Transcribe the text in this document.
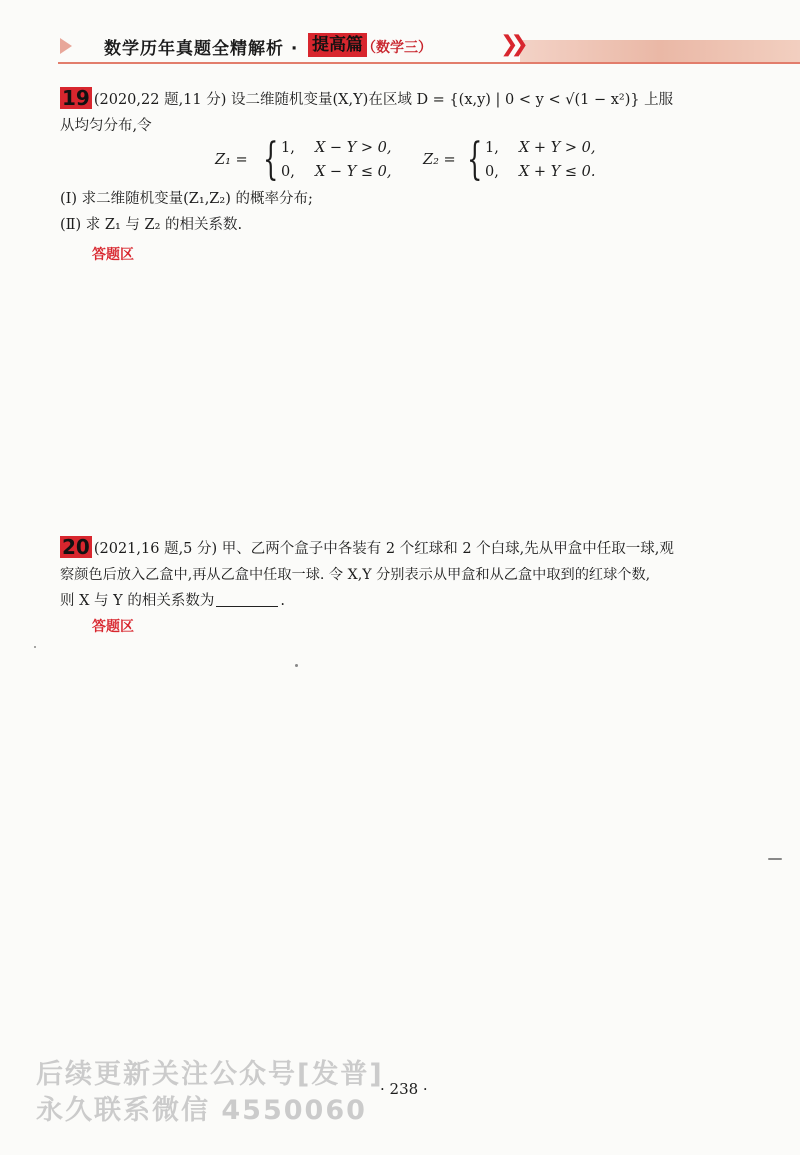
数学历年真题全精解析 · 提高篇 （数学三）	❯❯
19 (2020,22 题,11 分) 设二维随机变量(X,Y)在区域 D = {(x,y) | 0 < y < √(1 − x²)} 上服
从均匀分布,令
Z₁ = { 1, X − Y > 0,
0, X − Y ≤ 0,
Z₂ = { 1, X + Y > 0,
0, X + Y ≤ 0.
(Ⅰ) 求二维随机变量(Z₁,Z₂) 的概率分布;
(Ⅱ) 求 Z₁ 与 Z₂ 的相关系数.
答题区
20 (2021,16 题,5 分) 甲、乙两个盒子中各装有 2 个红球和 2 个白球,先从甲盒中任取一球,观
察颜色后放入乙盒中,再从乙盒中任取一球. 令 X,Y 分别表示从甲盒和从乙盒中取到的红球个数,
则 X 与 Y 的相关系数为	.
答题区
· 238 ·
后续更新关注公众号[发普]
永久联系微信 4550060
